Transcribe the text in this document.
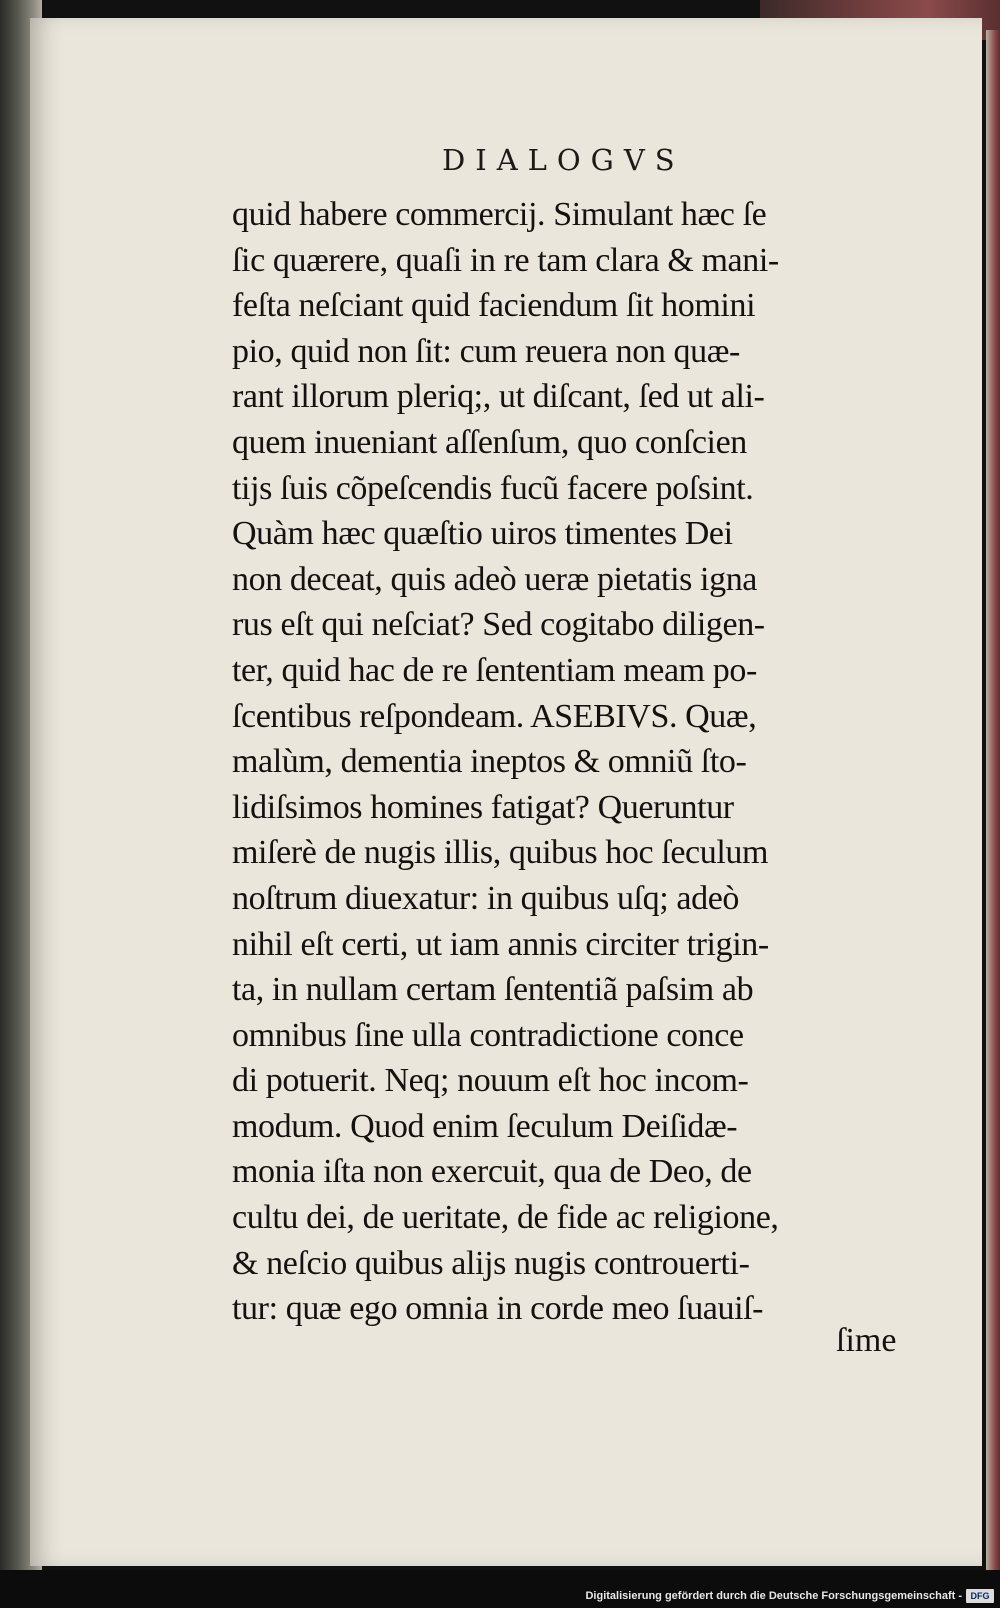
DIALOGVS
quid habere commercij. Simulant hæc ſe
ſic quærere, quaſi in re tam clara & mani-
feſta neſciant quid faciendum ſit homini
pio, quid non ſit: cum reuera non quæ-
rant illorum pleriq;, ut diſcant, ſed ut ali-
quem inueniant aſſenſum, quo conſcien
tijs ſuis cõpeſcendis fucũ facere poſsint.
Quàm hæc quæſtio uiros timentes Dei
non deceat, quis adeò ueræ pietatis igna
rus eſt qui neſciat? Sed cogitabo diligen-
ter, quid hac de re ſententiam meam po-
ſcentibus reſpondeam. ASEBIVS. Quæ,
malùm, dementia ineptos & omniũ ſto-
lidiſsimos homines fatigat? Queruntur
miſerè de nugis illis, quibus hoc ſeculum
noſtrum diuexatur: in quibus uſq; adeò
nihil eſt certi, ut iam annis circiter trigin-
ta, in nullam certam ſententiã paſsim ab
omnibus ſine ulla contradictione conce
di potuerit. Neq; nouum eſt hoc incom-
modum. Quod enim ſeculum Deiſidæ-
monia iſta non exercuit, qua de Deo, de
cultu dei, de ueritate, de fide ac religione,
& neſcio quibus alijs nugis controuerti-
tur: quæ ego omnia in corde meo ſuauiſ-
ſime
Digitalisierung gefördert durch die Deutsche Forschungsgemeinschaft - DFG
